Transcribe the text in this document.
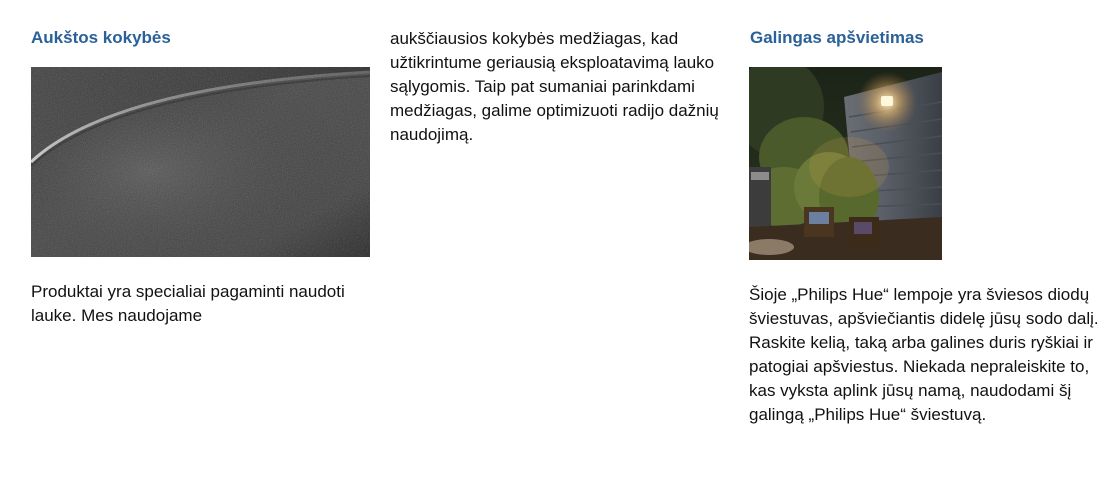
Aukštos kokybės

Produktai yra specialiai pagaminti naudoti lauke. Mes naudojame

aukščiausios kokybės medžiagas, kad užtikrintume geriausią eksploatavimą lauko sąlygomis. Taip pat sumaniai parinkdami medžiagas, galime optimizuoti radijo dažnių naudojimą.

Galingas apšvietimas

Šioje „Philips Hue“ lempoje yra šviesos diodų šviestuvas, apšviečiantis didelę jūsų sodo dalį. Raskite kelią, taką arba galines duris ryškiai ir patogiai apšviestus. Niekada nepraleiskite to, kas vyksta aplink jūsų namą, naudodami šį galingą „Philips Hue“ šviestuvą.
